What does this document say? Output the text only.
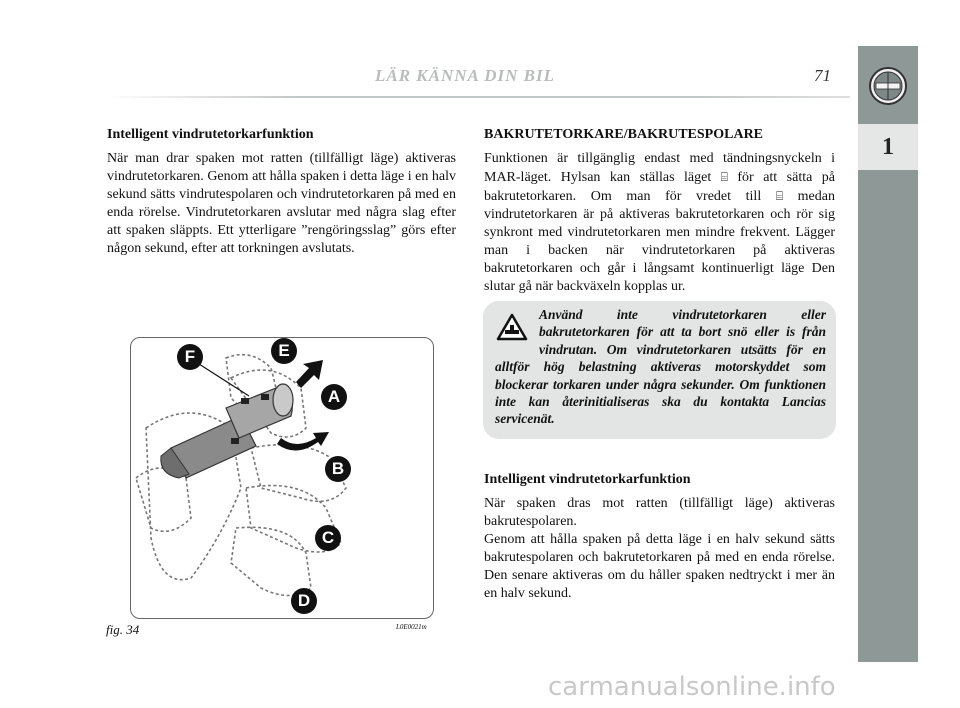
1
LÄR KÄNNA DIN BIL	71
Intelligent vindrutetorkarfunktion

När man drar spaken mot ratten (tillfälligt läge) aktiveras vindrutetorkaren. Genom att hålla spaken i detta läge i en halv sekund sätts vindrutespolaren och vindrutetorkaren på med en enda rörelse. Vindrutetorkaren avslutar med några slag efter att spaken släppts. Ett ytterligare ”rengöringsslag” görs efter någon sekund, efter att torkningen avslutats.

BAKRUTETORKARE/BAKRUTESPOLARE

Funktionen är tillgänglig endast med tändningsnyckeln i MAR-läget. Hylsan kan ställas läget ⌸ för att sätta på bakrutetorkaren. Om man för vredet till ⌸ medan vindrutetorkaren är på aktiveras bakrutetorkaren och rör sig synkront med vindrutetorkaren men mindre frekvent. Lägger man i backen när vindrutetorkaren på aktiveras bakrutetorkaren och går i långsamt kontinuerligt läge Den slutar gå när backväxeln kopplas ur.

Använd inte vindrutetorkaren eller bakrutetorkaren för att ta bort snö eller is från vindrutan. Om vindrutetorkaren utsätts för en alltför hög belastning aktiveras motorskyddet som blockerar torkaren under några sekunder. Om funktionen inte kan återinitialiseras ska du kontakta Lancias servicenät.
Intelligent vindrutetorkarfunktion

När spaken dras mot ratten (tillfälligt läge) aktiveras bakrutespolaren.

Genom att hålla spaken på detta läge i en halv sekund sätts bakrutespolaren och bakrutetorkaren på med en enda rörelse. Den senare aktiveras om du håller spaken nedtryckt i mer än en halv sekund.

F	E
A
B
C
D
fig. 34	L0E0021m
carmanualsonline.info
